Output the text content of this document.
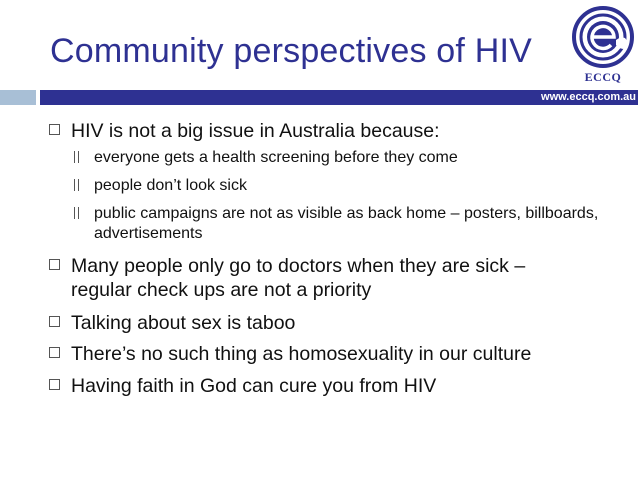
Community perspectives of HIV
ECCQ
www.eccq.com.au
HIV is not a big issue in Australia because:
everyone gets a health screening before they come
people don’t look sick
public campaigns are not as visible as back home – posters, billboards, advertisements
Many people only go to doctors when they are sick – regular check ups are not a priority
Talking about sex is taboo
There’s no such thing as homosexuality in our culture
Having faith in God can cure you from HIV
